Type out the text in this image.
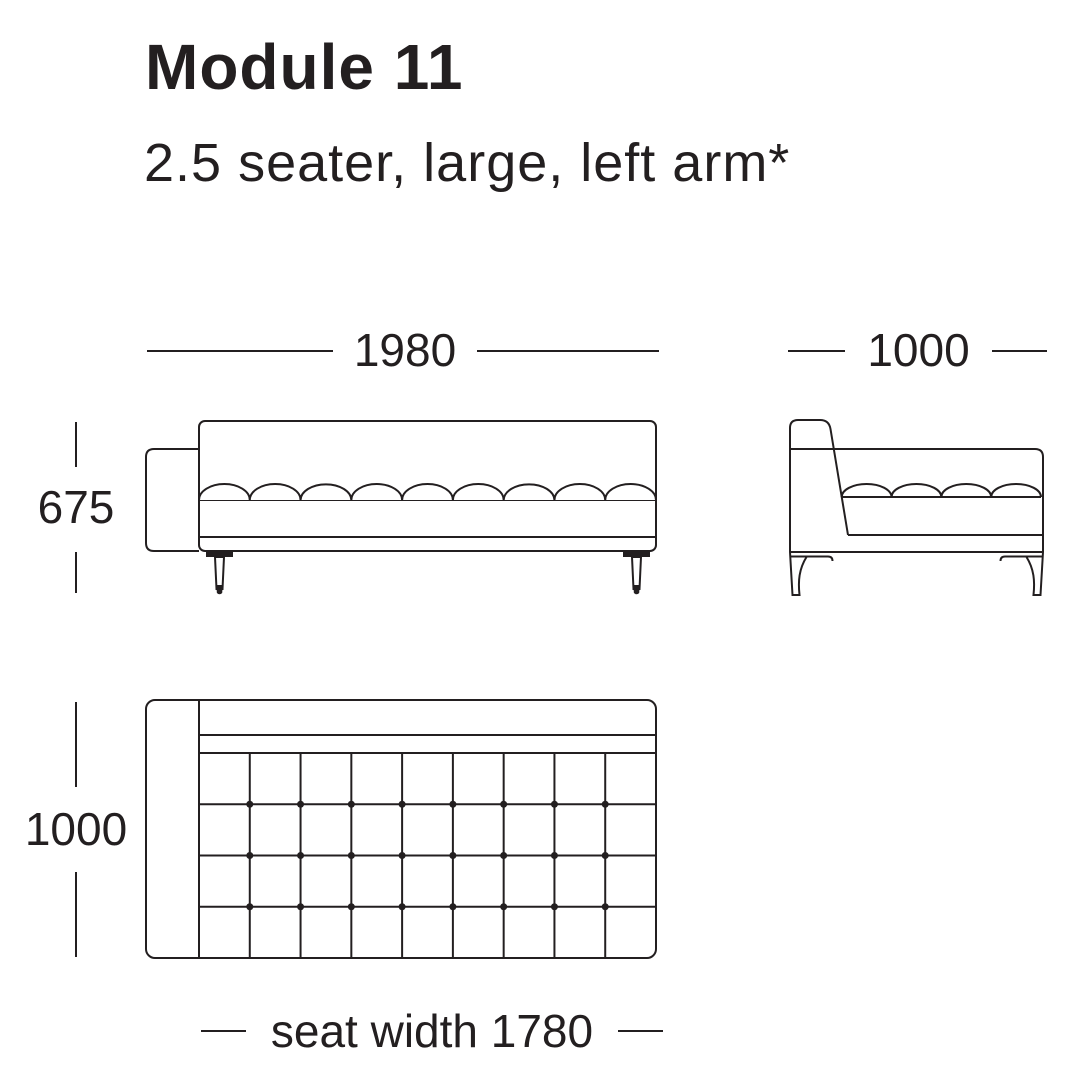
Module 11
2.5 seater, large, left arm*
1980	1000
675
1000
seat width 1780
